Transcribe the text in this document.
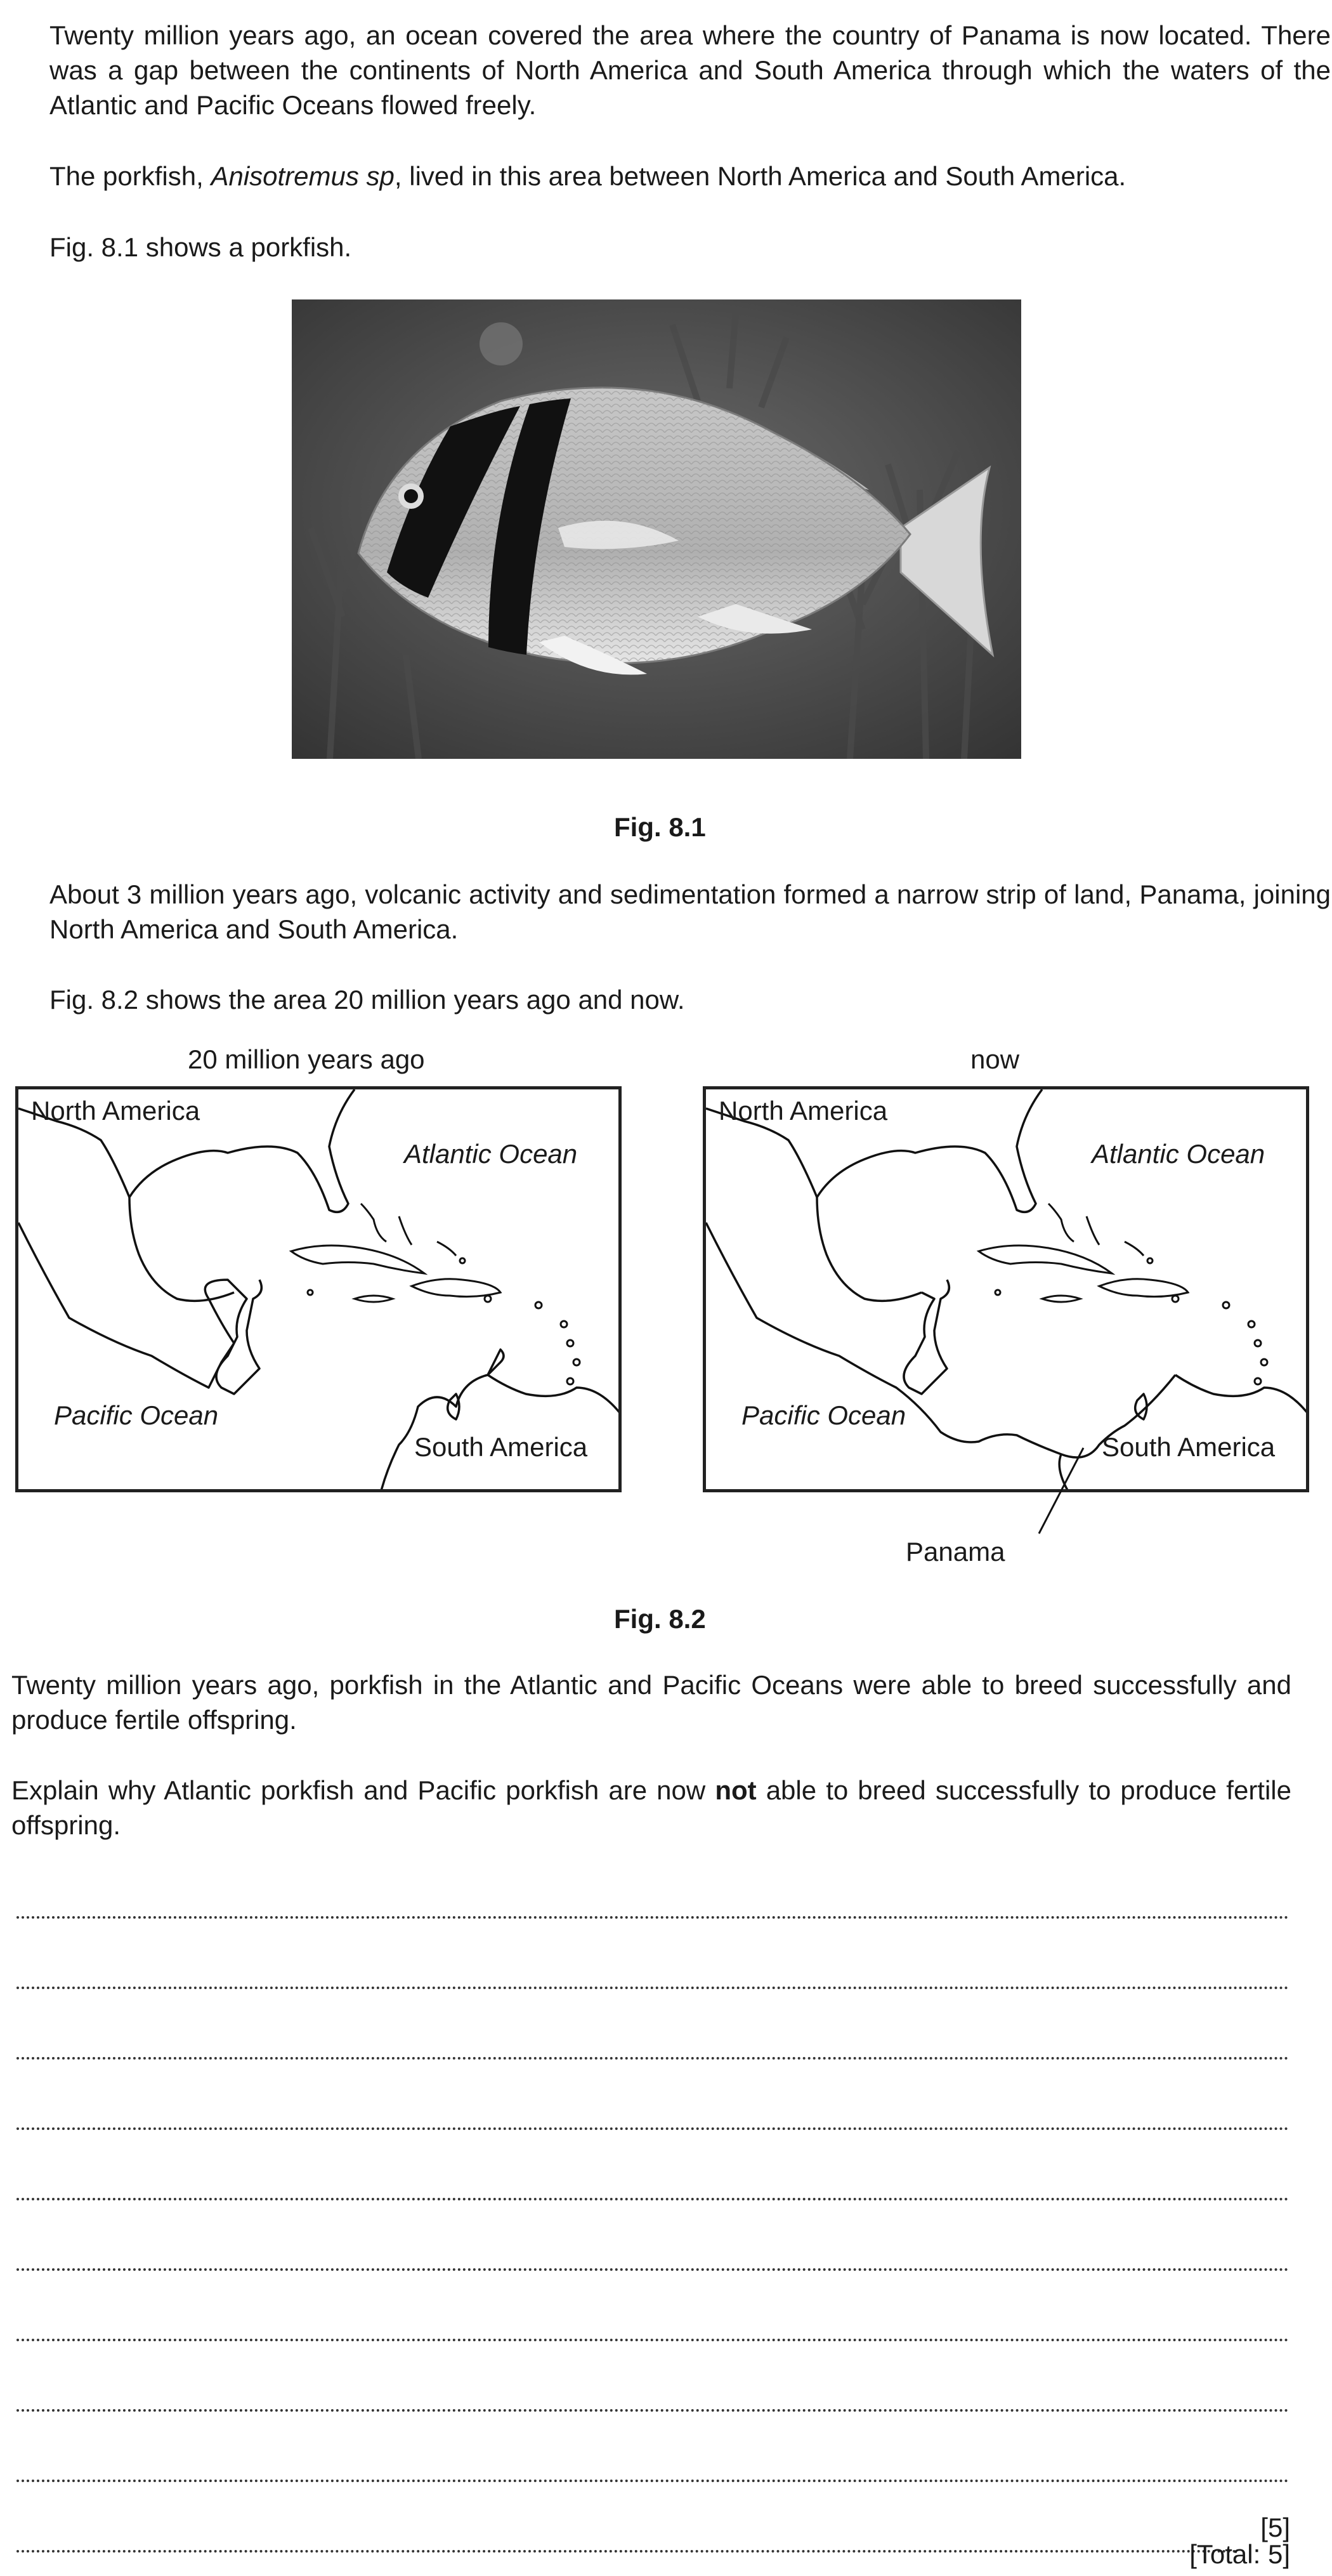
Twenty million years ago, an ocean covered the area where the country of Panama is now located. There was a gap between the continents of North America and South America through which the waters of the Atlantic and Pacific Oceans flowed freely.

The porkfish, Anisotremus sp, lived in this area between North America and South America.

Fig. 8.1 shows a porkfish.

Fig. 8.1

About 3 million years ago, volcanic activity and sedimentation formed a narrow strip of land, Panama, joining North America and South America.

Fig. 8.2 shows the area 20 million years ago and now.

20 million years ago	now
North America
Atlantic Ocean
Pacific Ocean
South America
North America
Atlantic Ocean
Pacific Ocean
South America
Panama

Fig. 8.2

Twenty million years ago, porkfish in the Atlantic and Pacific Oceans were able to breed successfully and produce fertile offspring.

Explain why Atlantic porkfish and Pacific porkfish are now not able to breed successfully to produce fertile offspring.

[5]
[Total: 5]
